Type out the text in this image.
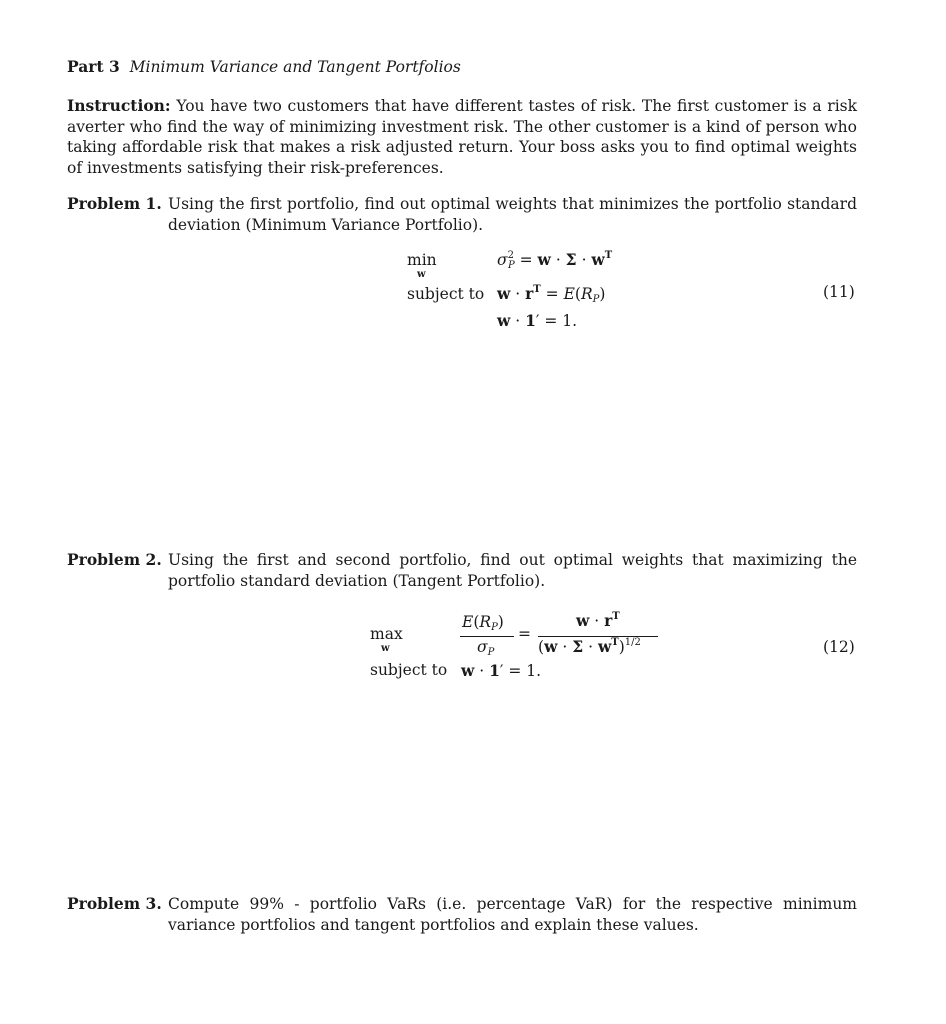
Part 3 Minimum Variance and Tangent Portfolios
Instruction: You have two customers that have different tastes of risk. The first customer is a risk averter who find the way of minimizing investment risk. The other customer is a kind of person who taking affordable risk that makes a risk adjusted return. Your boss asks you to find optimal weights of investments satisfying their risk-preferences.
Problem 1. Using the first portfolio, find out optimal weights that minimizes the portfolio standard deviation (Minimum Variance Portfolio).
min
w
$\sigma^2_P = w \cdot \Sigma \cdot w^T$
subject to $w \cdot r^T = E(R_P)$
w · 1′ = 1.
(11)
Problem 2. Using the first and second portfolio, find out optimal weights that maximizing the portfolio standard deviation (Tangent Portfolio).
max
w
$E(R_P)$
$\sigma_P$
=
$w \cdot r^T$
$(w \cdot \Sigma \cdot w^T)^{1/2}$
subject to w · 1′ = 1.
(12)
Problem 3. Compute 99% - portfolio VaRs (i.e. percentage VaR) for the respective minimum variance portfolios and tangent portfolios and explain these values.
